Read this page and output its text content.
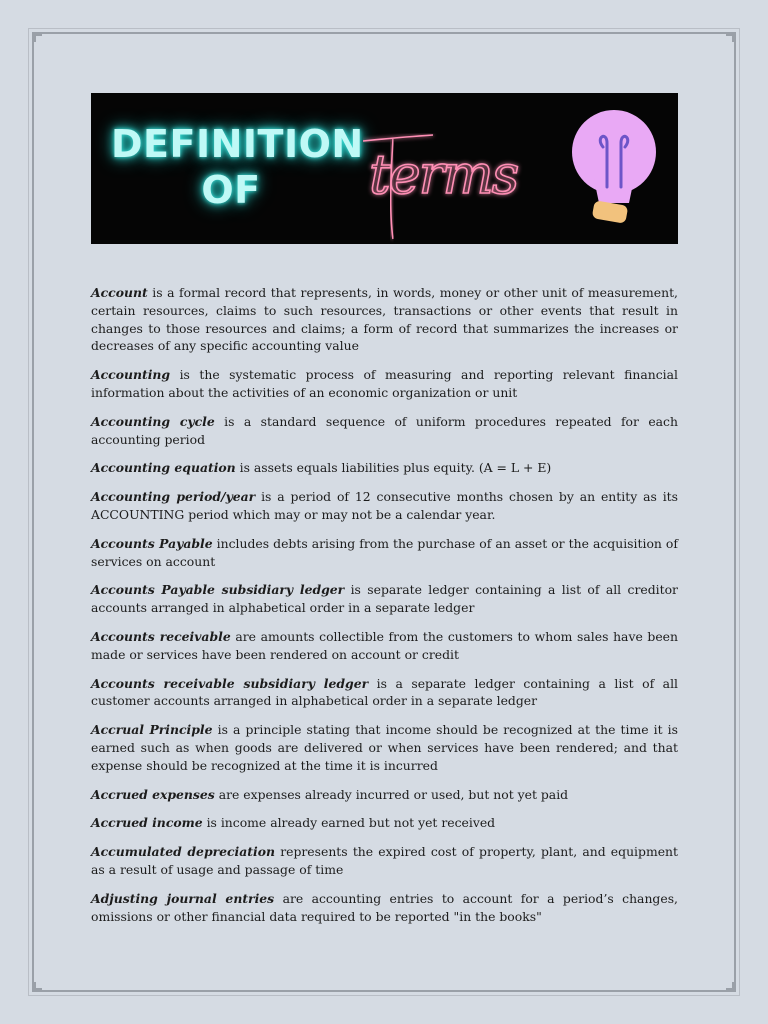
DEFINITION
OF	terms

Account is a formal record that represents, in words, money or other unit of measurement, certain resources, claims to such resources, transactions or other events that result in changes to those resources and claims; a form of record that summarizes the increases or decreases of any specific accounting value

Accounting is the systematic process of measuring and reporting relevant financial information about the activities of an economic organization or unit

Accounting cycle is a standard sequence of uniform procedures repeated for each accounting period

Accounting equation is assets equals liabilities plus equity. (A = L + E)

Accounting period/year is a period of 12 consecutive months chosen by an entity as its ACCOUNTING period which may or may not be a calendar year.

Accounts Payable includes debts arising from the purchase of an asset or the acquisition of services on account

Accounts Payable subsidiary ledger is separate ledger containing a list of all creditor accounts arranged in alphabetical order in a separate ledger

Accounts receivable are amounts collectible from the customers to whom sales have been made or services have been rendered on account or credit

Accounts receivable subsidiary ledger is a separate ledger containing a list of all customer accounts arranged in alphabetical order in a separate ledger

Accrual Principle is a principle stating that income should be recognized at the time it is earned such as when goods are delivered or when services have been rendered; and that expense should be recognized at the time it is incurred

Accrued expenses are expenses already incurred or used, but not yet paid

Accrued income is income already earned but not yet received

Accumulated depreciation represents the expired cost of property, plant, and equipment as a result of usage and passage of time

Adjusting journal entries are accounting entries to account for a period’s changes, omissions or other financial data required to be reported "in the books"
